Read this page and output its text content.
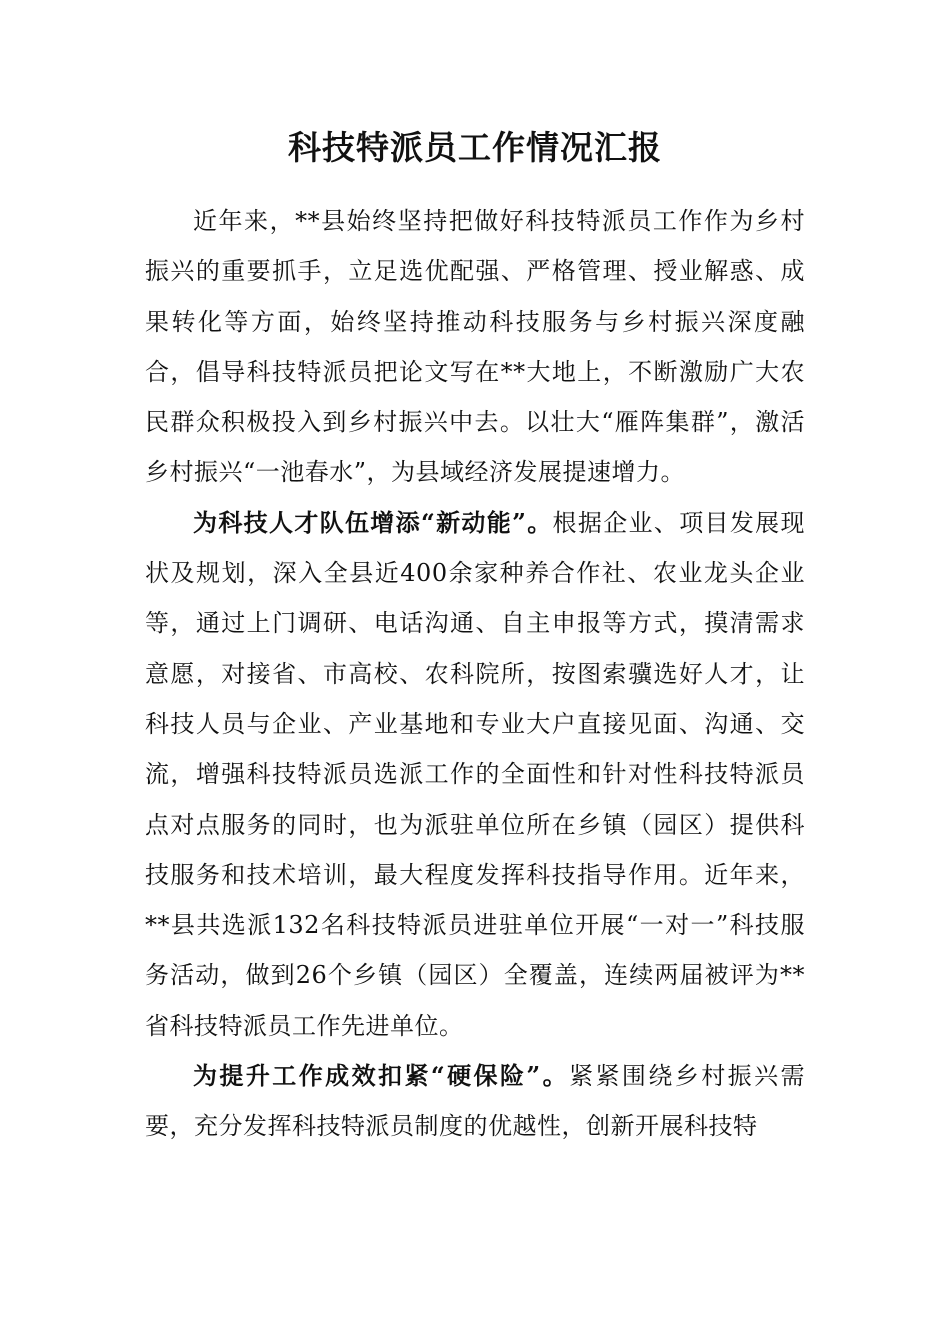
科技特派员工作情况汇报

近年来，**县始终坚持把做好科技特派员工作作为乡村振兴的重要抓手，立足选优配强、严格管理、授业解惑、成果转化等方面，始终坚持推动科技服务与乡村振兴深度融合，倡导科技特派员把论文写在**大地上，不断激励广大农民群众积极投入到乡村振兴中去。以壮大“雁阵集群”，激活乡村振兴“一池春水”，为县域经济发展提速增力。

为科技人才队伍增添“新动能”。根据企业、项目发展现状及规划，深入全县近400余家种养合作社、农业龙头企业等，通过上门调研、电话沟通、自主申报等方式，摸清需求意愿，对接省、市高校、农科院所，按图索骥选好人才，让科技人员与企业、产业基地和专业大户直接见面、沟通、交流，增强科技特派员选派工作的全面性和针对性科技特派员点对点服务的同时，也为派驻单位所在乡镇（园区）提供科技服务和技术培训，最大程度发挥科技指导作用。近年来，**县共选派132名科技特派员进驻单位开展“一对一”科技服务活动，做到26个乡镇（园区）全覆盖，连续两届被评为**省科技特派员工作先进单位。

为提升工作成效扣紧“硬保险”。紧紧围绕乡村振兴需要，充分发挥科技特派员制度的优越性，创新开展科技特
